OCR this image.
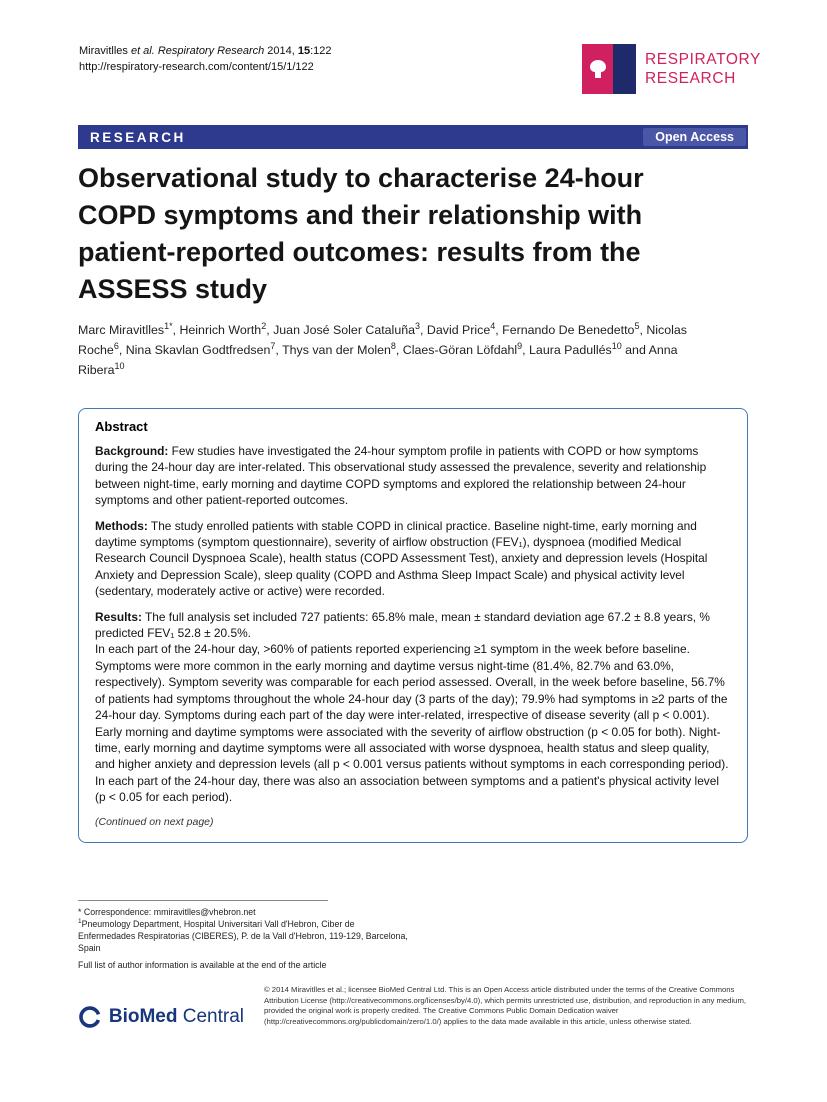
Miravitlles et al. Respiratory Research 2014, 15:122
http://respiratory-research.com/content/15/1/122	RESPIRATORY
RESEARCH
RESEARCH	Open Access
Observational study to characterise 24-hour COPD symptoms and their relationship with patient-reported outcomes: results from the ASSESS study

Marc Miravitlles$^{1*}$, Heinrich Worth$^2$, Juan José Soler Cataluña$^3$, David Price$^4$, Fernando De Benedetto$^5$, Nicolas Roche$^6$, Nina Skavlan Godtfredsen$^7$, Thys van der Molen$^8$, Claes-Göran Löfdahl$^9$, Laura Padullés$^{10}$ and Anna Ribera$^{10}$

Abstract

Background: Few studies have investigated the 24-hour symptom profile in patients with COPD or how symptoms during the 24-hour day are inter-related. This observational study assessed the prevalence, severity and relationship between night-time, early morning and daytime COPD symptoms and explored the relationship between 24-hour symptoms and other patient-reported outcomes.

Methods: The study enrolled patients with stable COPD in clinical practice. Baseline night-time, early morning and daytime symptoms (symptom questionnaire), severity of airflow obstruction (FEV₁), dyspnoea (modified Medical Research Council Dyspnoea Scale), health status (COPD Assessment Test), anxiety and depression levels (Hospital Anxiety and Depression Scale), sleep quality (COPD and Asthma Sleep Impact Scale) and physical activity level (sedentary, moderately active or active) were recorded.

Results: The full analysis set included 727 patients: 65.8% male, mean ± standard deviation age 67.2 ± 8.8 years, % predicted FEV₁ 52.8 ± 20.5%.

In each part of the 24-hour day, >60% of patients reported experiencing ≥1 symptom in the week before baseline. Symptoms were more common in the early morning and daytime versus night-time (81.4%, 82.7% and 63.0%, respectively). Symptom severity was comparable for each period assessed. Overall, in the week before baseline, 56.7% of patients had symptoms throughout the whole 24-hour day (3 parts of the day); 79.9% had symptoms in ≥2 parts of the 24-hour day. Symptoms during each part of the day were inter-related, irrespective of disease severity (all p < 0.001). Early morning and daytime symptoms were associated with the severity of airflow obstruction (p < 0.05 for both). Night-time, early morning and daytime symptoms were all associated with worse dyspnoea, health status and sleep quality, and higher anxiety and depression levels (all p < 0.001 versus patients without symptoms in each corresponding period). In each part of the 24-hour day, there was also an association between symptoms and a patient's physical activity level (p < 0.05 for each period).

(Continued on next page)

* Correspondence: mmiravitlles@vhebron.net

$^1$Pneumology Department, Hospital Universitari Vall d'Hebron, Ciber de Enfermedades Respiratorias (CIBERES), P. de la Vall d'Hebron, 119-129, Barcelona, Spain

Full list of author information is available at the end of the article

BioMed Central
© 2014 Miravitlles et al.; licensee BioMed Central Ltd. This is an Open Access article distributed under the terms of the Creative Commons Attribution License (http://creativecommons.org/licenses/by/4.0), which permits unrestricted use, distribution, and reproduction in any medium, provided the original work is properly credited. The Creative Commons Public Domain Dedication waiver (http://creativecommons.org/publicdomain/zero/1.0/) applies to the data made available in this article, unless otherwise stated.
